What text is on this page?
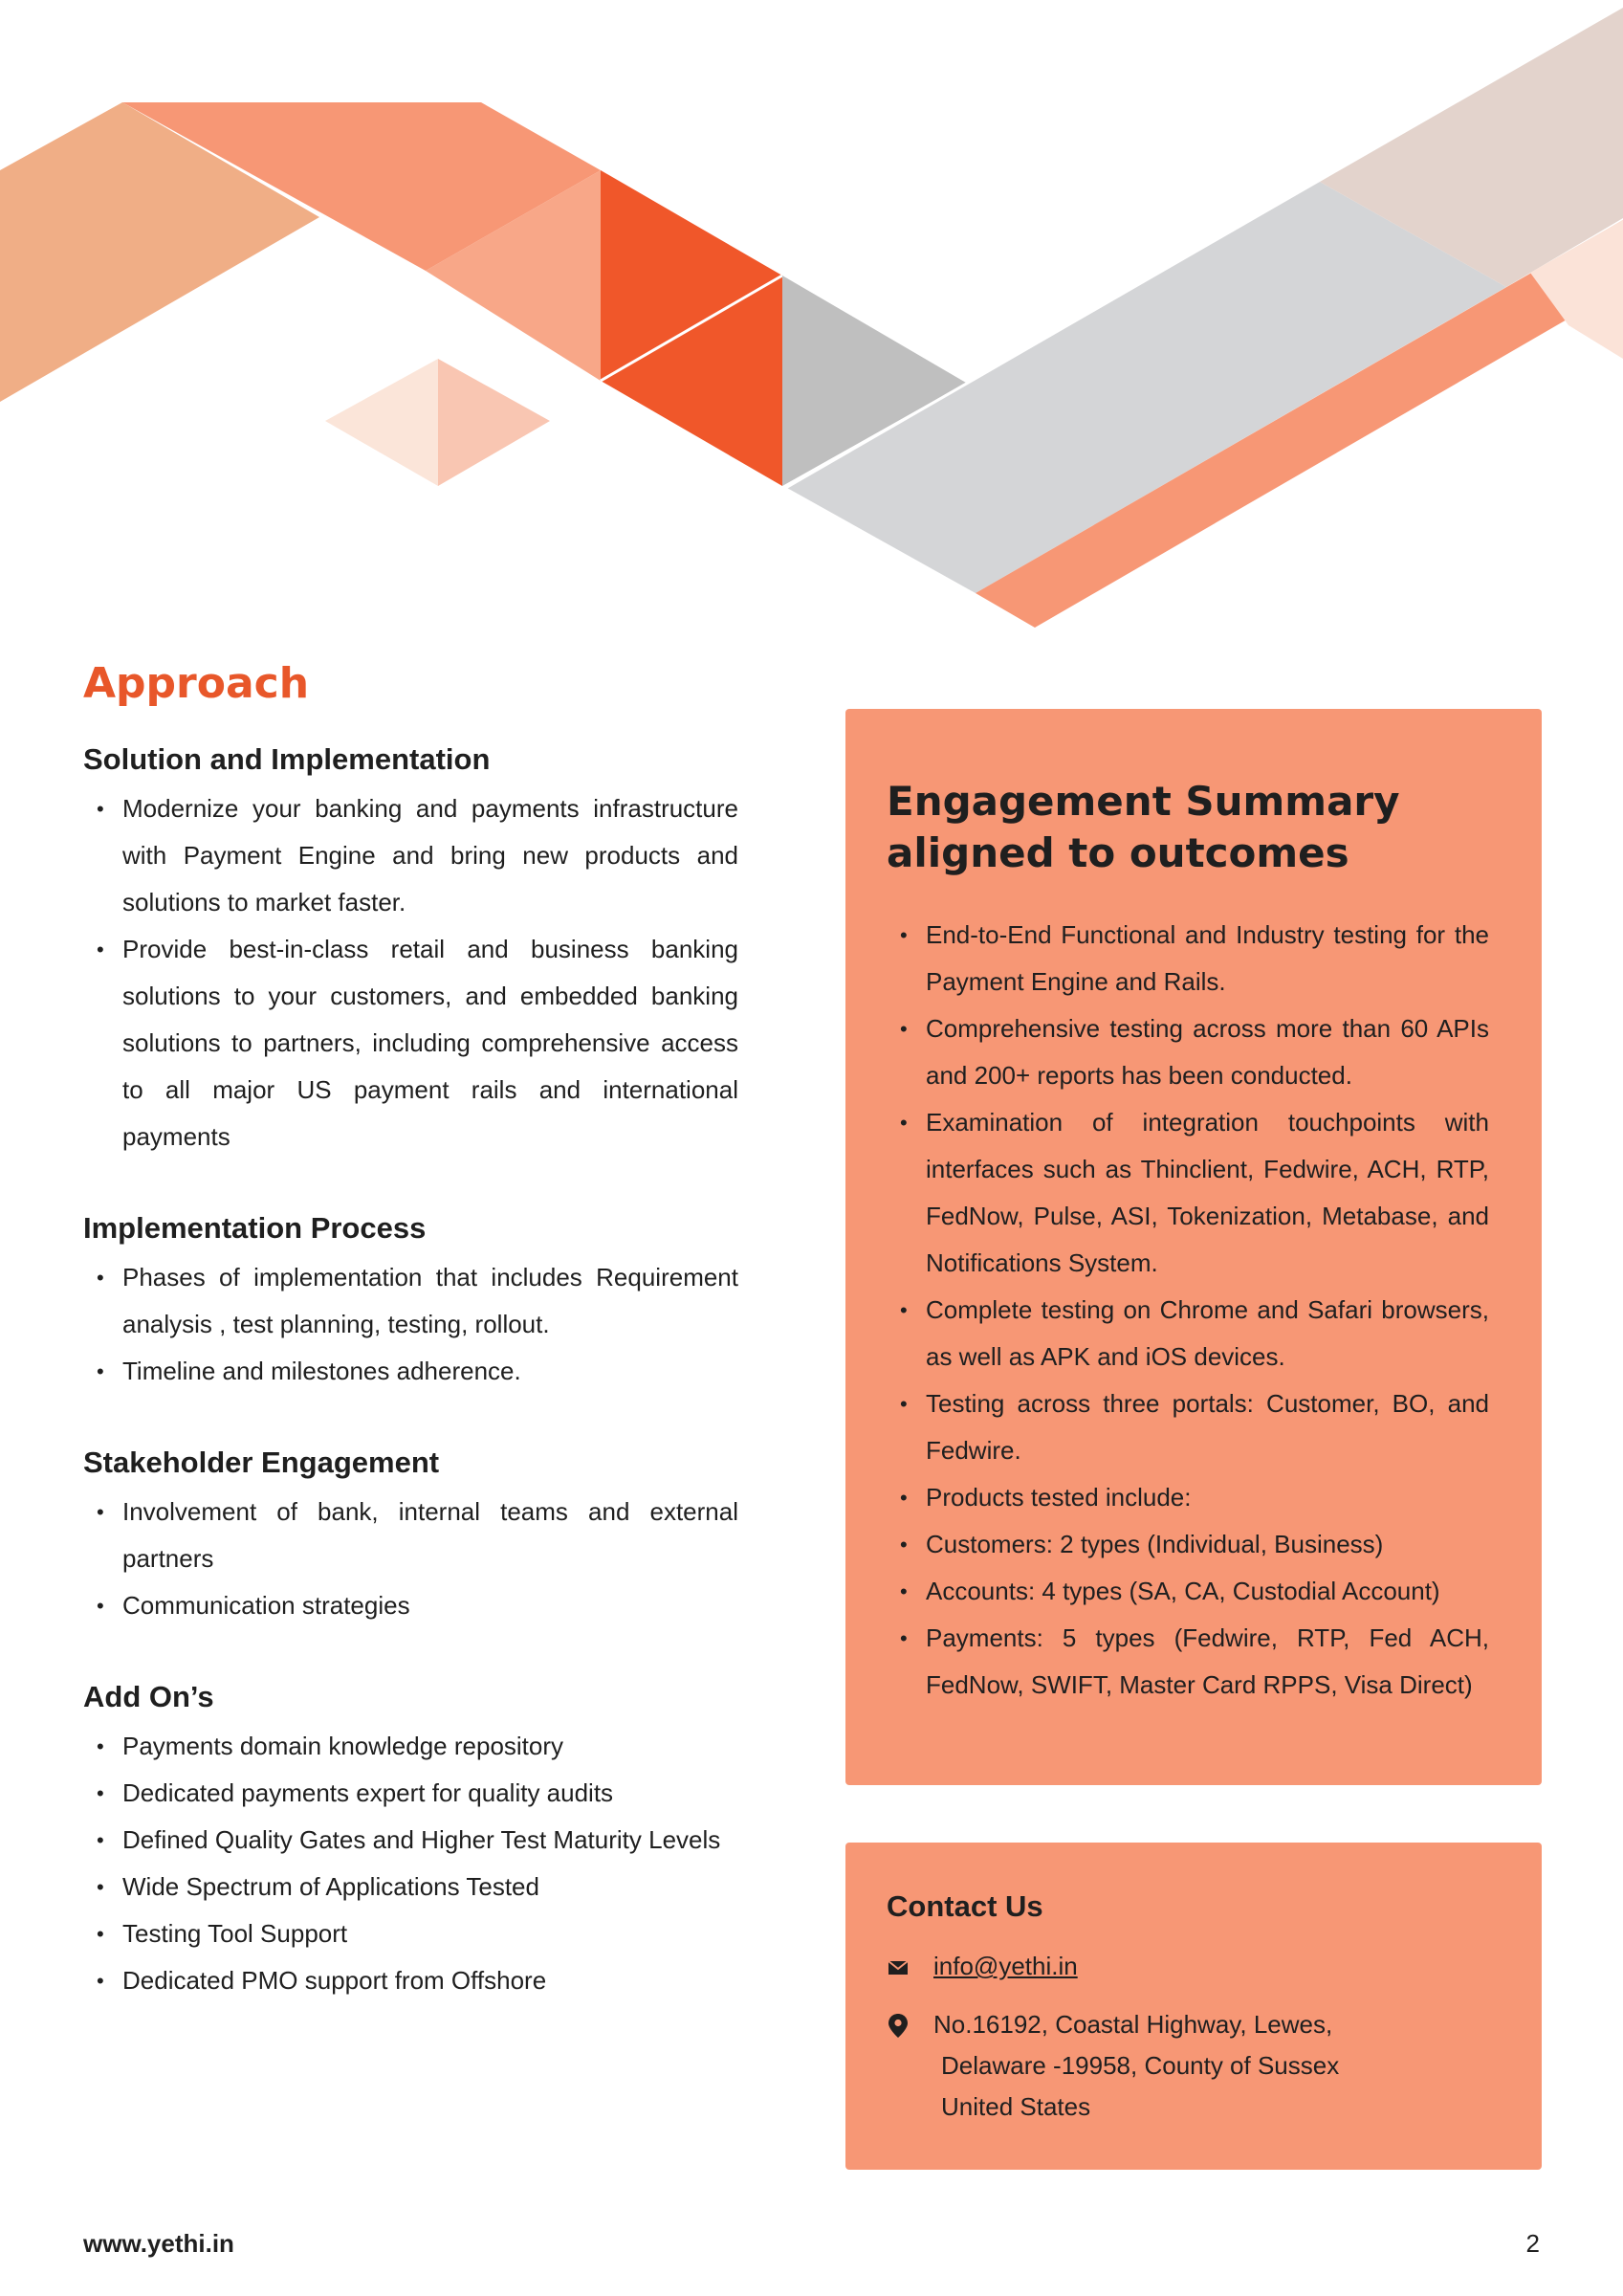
Approach
Solution and Implementation
• Modernize your banking and payments infrastructure with Payment Engine and bring new products and solutions to market faster.
• Provide best-in-class retail and business banking solutions to your customers, and embedded banking solutions to partners, including comprehensive access to all major US payment rails and international payments
Implementation Process
• Phases of implementation that includes Requirement analysis , test planning, testing, rollout.
• Timeline and milestones adherence.
Stakeholder Engagement
• Involvement of bank, internal teams and external partners
• Communication strategies
Add On’s
• Payments domain knowledge repository
• Dedicated payments expert for quality audits
• Defined Quality Gates and Higher Test Maturity Levels
• Wide Spectrum of Applications Tested
• Testing Tool Support
• Dedicated PMO support from Offshore
Engagement Summary
aligned to outcomes
• End-to-End Functional and Industry testing for the Payment Engine and Rails.
• Comprehensive testing across more than 60 APIs and 200+ reports has been conducted.
• Examination of integration touchpoints with interfaces such as Thinclient, Fedwire, ACH, RTP, FedNow, Pulse, ASI, Tokenization, Metabase, and Notifications System.
• Complete testing on Chrome and Safari browsers, as well as APK and iOS devices.
• Testing across three portals: Customer, BO, and Fedwire.
• Products tested include:
• Customers: 2 types (Individual, Business)
• Accounts: 4 types (SA, CA, Custodial Account)
• Payments: 5 types (Fedwire, RTP, Fed ACH, FedNow, SWIFT, Master Card RPPS, Visa Direct)
Contact Us
info@yethi.in
No.16192, Coastal Highway, Lewes,
Delaware -19958, County of Sussex
United States
www.yethi.in	2
